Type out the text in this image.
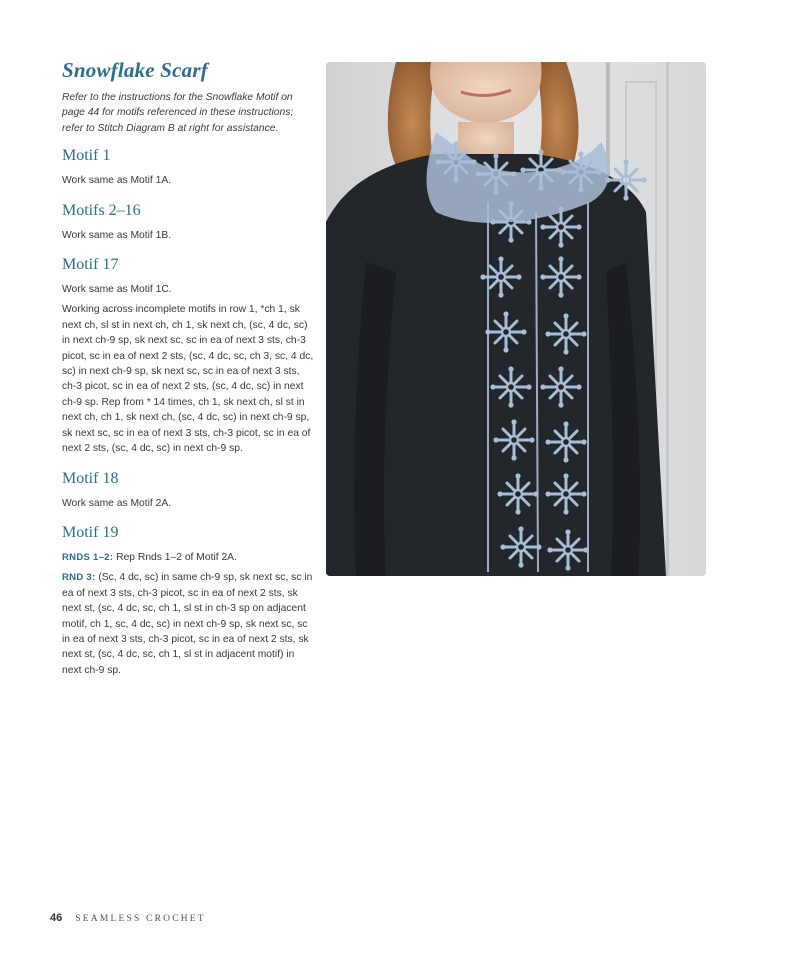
Snowflake Scarf

Refer to the instructions for the Snowflake Motif on page 44 for motifs referenced in these instructions; refer to Stitch Diagram B at right for assistance.

Motif 1

Work same as Motif 1A.

Motifs 2–16

Work same as Motif 1B.

Motif 17

Work same as Motif 1C.

Working across incomplete motifs in row 1, *ch 1, sk next ch, sl st in next ch, ch 1, sk next ch, (sc, 4 dc, sc) in next ch-9 sp, sk next sc, sc in ea of next 3 sts, ch-3 picot, sc in ea of next 2 sts, (sc, 4 dc, sc, ch 3, sc, 4 dc, sc) in next ch-9 sp, sk next sc, sc in ea of next 3 sts, ch-3 picot, sc in ea of next 2 sts, (sc, 4 dc, sc) in next ch-9 sp. Rep from * 14 times, ch 1, sk next ch, sl st in next ch, ch 1, sk next ch, (sc, 4 dc, sc) in next ch-9 sp, sk next sc, sc in ea of next 3 sts, ch-3 picot, sc in ea of next 2 sts, (sc, 4 dc, sc) in next ch-9 sp.

Motif 18

Work same as Motif 2A.

Motif 19

RNDS 1–2: Rep Rnds 1–2 of Motif 2A.

RND 3: (Sc, 4 dc, sc) in same ch-9 sp, sk next sc, sc in ea of next 3 sts, ch-3 picot, sc in ea of next 2 sts, sk next st, (sc, 4 dc, sc, ch 1, sl st in ch-3 sp on adjacent motif, ch 1, sc, 4 dc, sc) in next ch-9 sp, sk next sc, sc in ea of next 3 sts, ch-3 picot, sc in ea of next 2 sts, sk next st, (sc, 4 dc, sc, ch 1, sl st in adjacent motif) in next ch-9 sp.

46 SEAMLESS CROCHET
